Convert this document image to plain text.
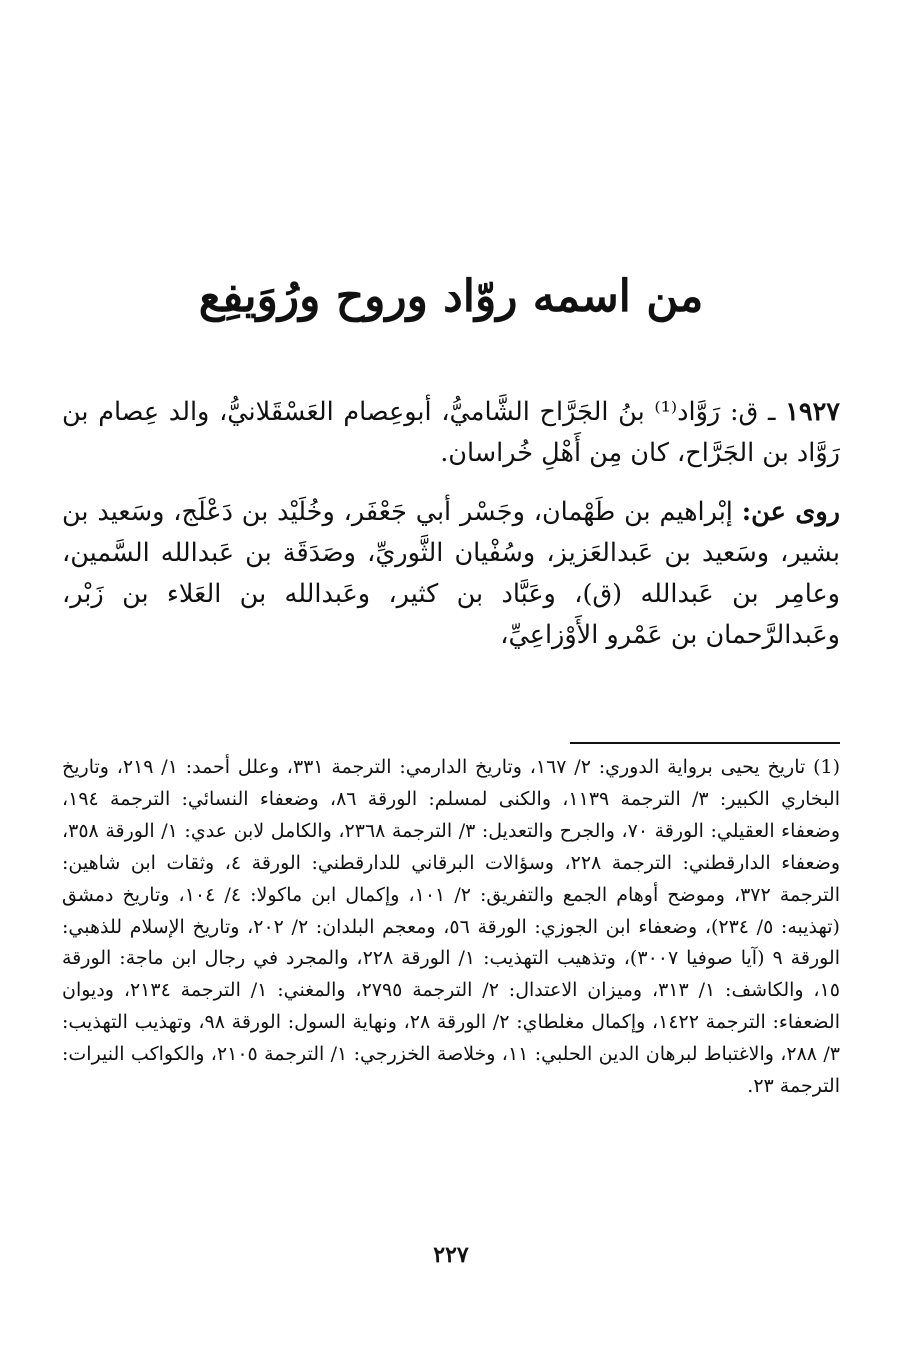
من اسمه روّاد وروح ورُوَيفِع

١٩٢٧ ـ ق: رَوَّاد⁽¹⁾ بنُ الجَرَّاح الشَّاميُّ، أبوعِصام العَسْقَلانيُّ، والد عِصام بن رَوَّاد بن الجَرَّاح، كان مِن أَهْلِ خُراسان.

روى عن: إبْراهيم بن طَهْمان، وجَسْر أبي جَعْفَر، وخُلَيْد بن دَعْلَج، وسَعيد بن بشير، وسَعيد بن عَبدالعَزيز، وسُفْيان الثَّوريِّ، وصَدَقَة بن عَبدالله السَّمين، وعامِر بن عَبدالله (ق)، وعَبَّاد بن كثير، وعَبدالله بن العَلاء بن زَبْر، وعَبدالرَّحمان بن عَمْرو الأَوْزاعِيِّ،

(1) تاريخ يحيى برواية الدوري: ٢/ ١٦٧، وتاريخ الدارمي: الترجمة ٣٣١، وعلل أحمد: ١/ ٢١٩، وتاريخ البخاري الكبير: ٣/ الترجمة ١١٣٩، والكنى لمسلم: الورقة ٨٦، وضعفاء النسائي: الترجمة ١٩٤، وضعفاء العقيلي: الورقة ٧٠، والجرح والتعديل: ٣/ الترجمة ٢٣٦٨، والكامل لابن عدي: ١/ الورقة ٣٥٨، وضعفاء الدارقطني: الترجمة ٢٢٨، وسؤالات البرقاني للدارقطني: الورقة ٤، وثقات ابن شاهين: الترجمة ٣٧٢، وموضح أوهام الجمع والتفريق: ٢/ ١٠١، وإكمال ابن ماكولا: ٤/ ١٠٤، وتاريخ دمشق (تهذيبه: ٥/ ٢٣٤)، وضعفاء ابن الجوزي: الورقة ٥٦، ومعجم البلدان: ٢/ ٢٠٢، وتاريخ الإسلام للذهبي: الورقة ٩ (آيا صوفيا ٣٠٠٧)، وتذهيب التهذيب: ١/ الورقة ٢٢٨، والمجرد في رجال ابن ماجة: الورقة ١٥، والكاشف: ١/ ٣١٣، وميزان الاعتدال: ٢/ الترجمة ٢٧٩٥، والمغني: ١/ الترجمة ٢١٣٤، وديوان الضعفاء: الترجمة ١٤٢٢، وإكمال مغلطاي: ٢/ الورقة ٢٨، ونهاية السول: الورقة ٩٨، وتهذيب التهذيب: ٣/ ٢٨٨، والاغتباط لبرهان الدين الحلبي: ١١، وخلاصة الخزرجي: ١/ الترجمة ٢١٠٥، والكواكب النيرات: الترجمة ٢٣.

٢٢٧
